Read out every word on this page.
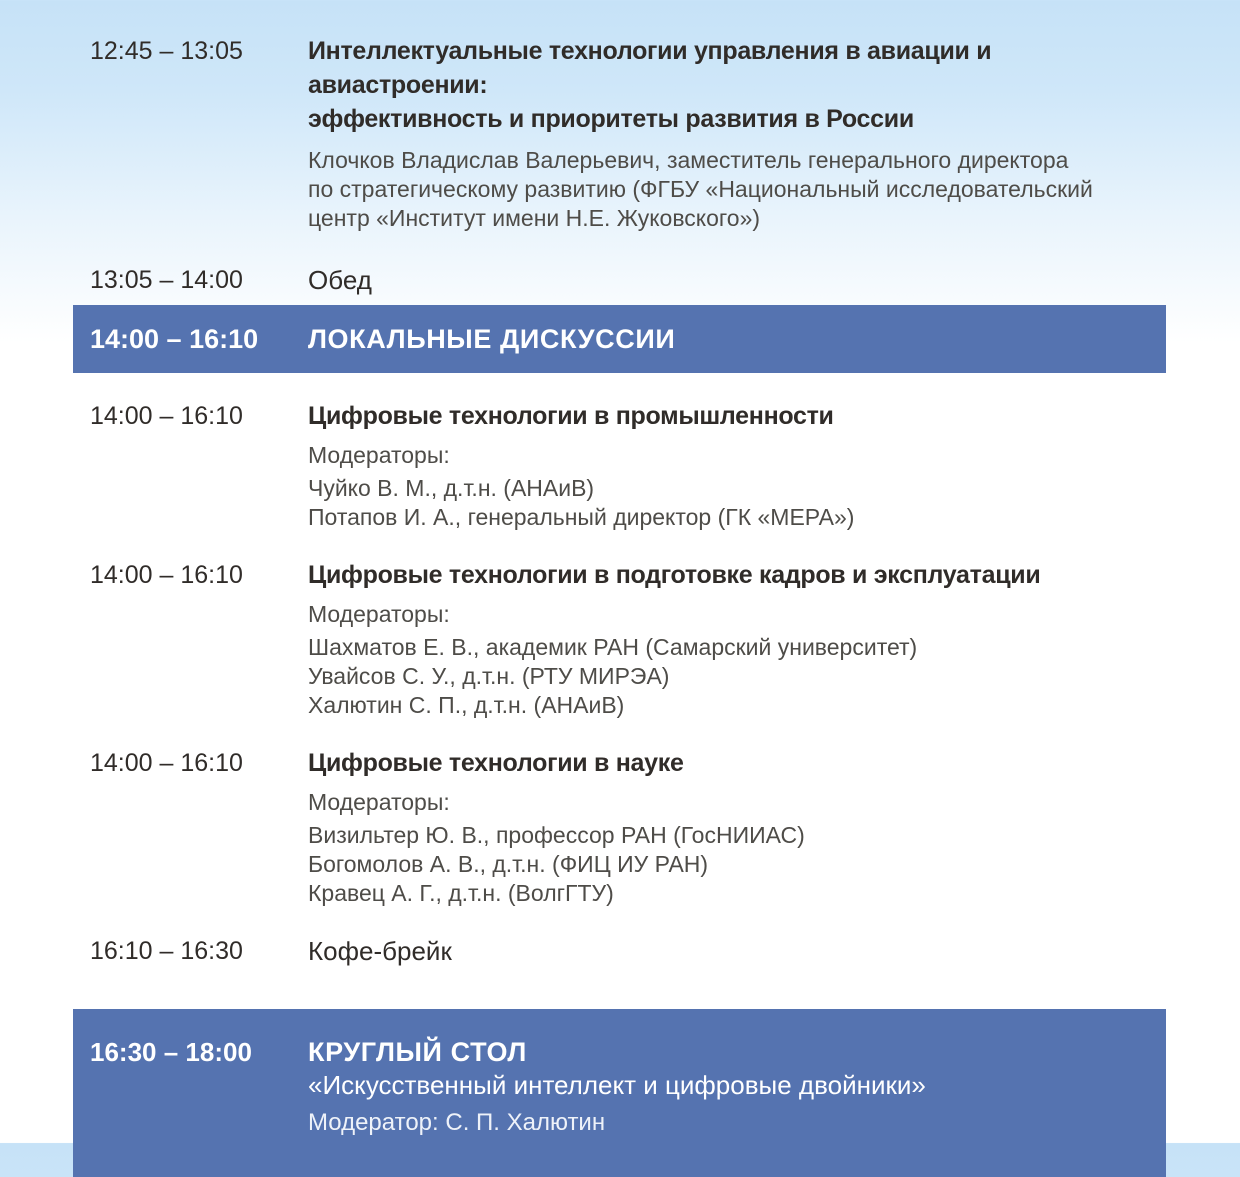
12:45 – 13:05	Интеллектуальные технологии управления в авиации и авиастроении:
эффективность и приоритеты развития в России
Клочков Владислав Валерьевич, заместитель генерального директора
по стратегическому развитию (ФГБУ «Национальный исследовательский
центр «Институт имени Н.Е. Жуковского»)
13:05 – 14:00	Обед
14:00 – 16:10	ЛОКАЛЬНЫЕ ДИСКУССИИ
14:00 – 16:10	Цифровые технологии в промышленности
Модераторы:
Чуйко В. М., д.т.н. (АНАиВ)
Потапов И. А., генеральный директор (ГК «МЕРА»)
14:00 – 16:10	Цифровые технологии в подготовке кадров и эксплуатации
Модераторы:
Шахматов Е. В., академик РАН (Самарский университет)
Увайсов С. У., д.т.н. (РТУ МИРЭА)
Халютин С. П., д.т.н. (АНАиВ)
14:00 – 16:10	Цифровые технологии в науке
Модераторы:
Визильтер Ю. В., профессор РАН (ГосНИИАС)
Богомолов А. В., д.т.н. (ФИЦ ИУ РАН)
Кравец А. Г., д.т.н. (ВолгГТУ)
16:10 – 16:30	Кофе-брейк
16:30 – 18:00	КРУГЛЫЙ СТОЛ
«Искусственный интеллект и цифровые двойники»
Модератор: С. П. Халютин
